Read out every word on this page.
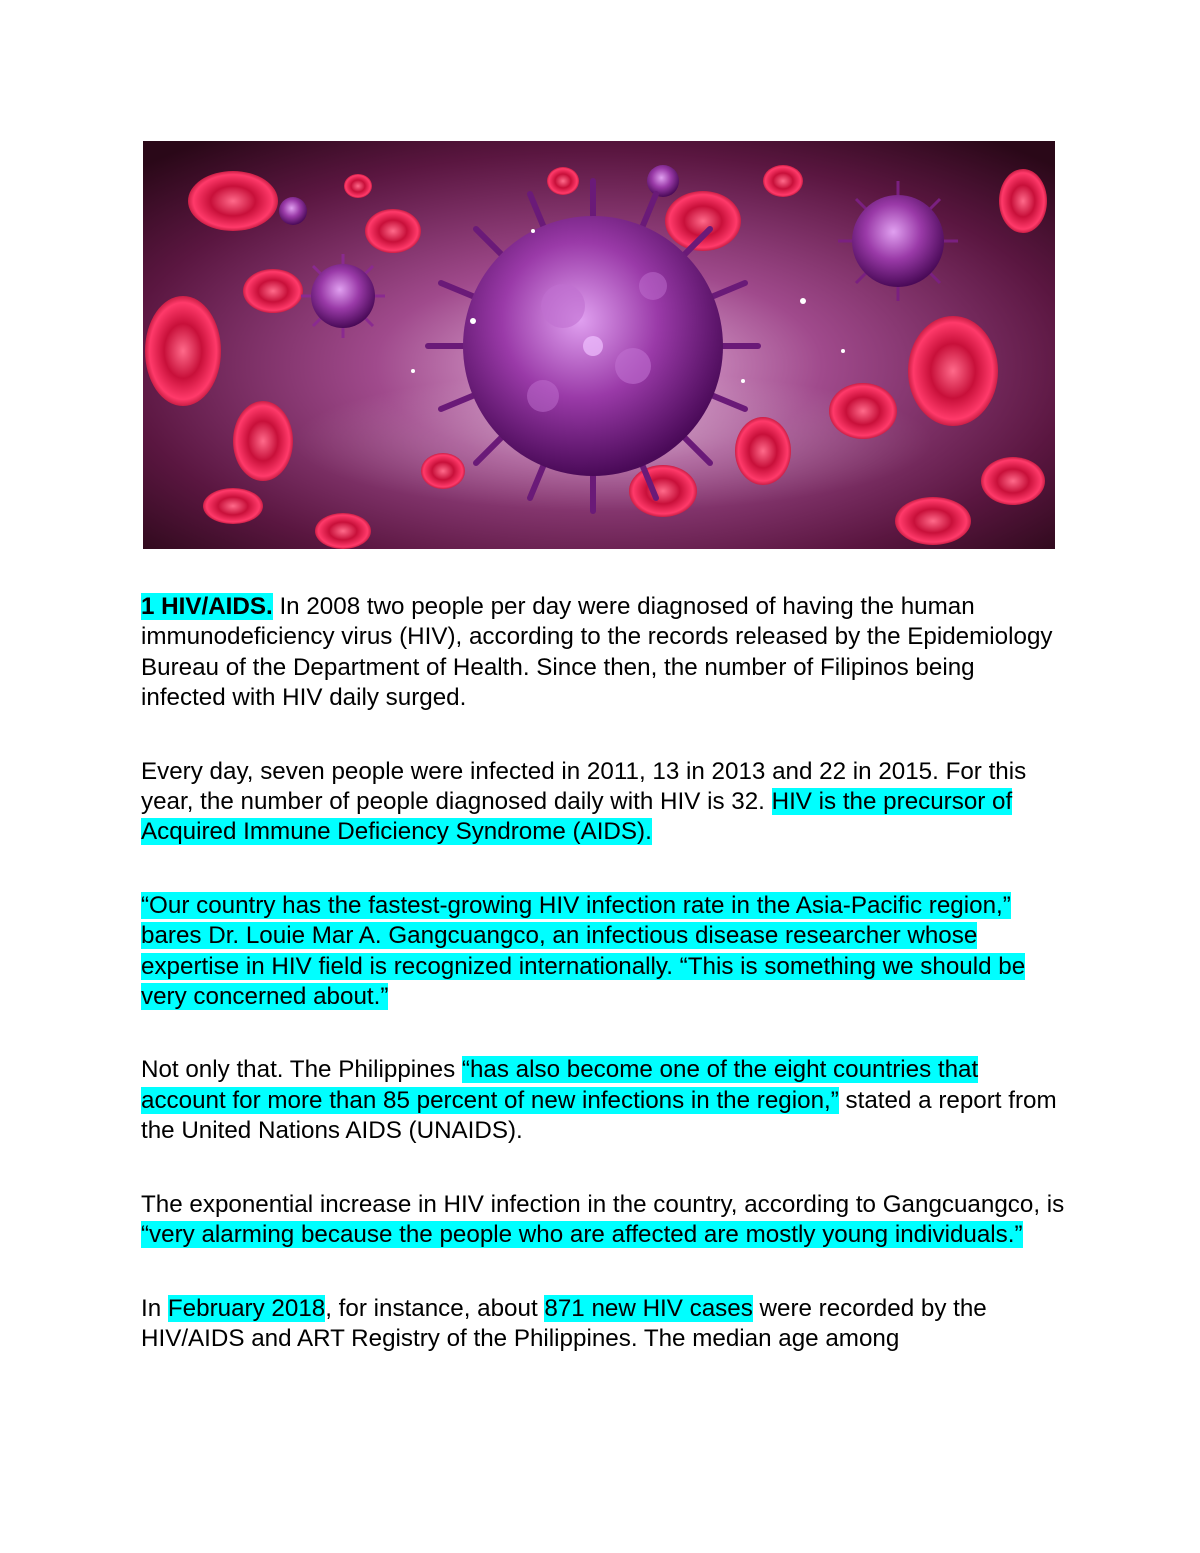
1 HIV/AIDS. In 2008 two people per day were diagnosed of having the human immunodeficiency virus (HIV), according to the records released by the Epidemiology Bureau of the Department of Health. Since then, the number of Filipinos being infected with HIV daily surged.

Every day, seven people were infected in 2011, 13 in 2013 and 22 in 2015. For this year, the number of people diagnosed daily with HIV is 32. HIV is the precursor of Acquired Immune Deficiency Syndrome (AIDS).

“Our country has the fastest-growing HIV infection rate in the Asia-Pacific region,” bares Dr. Louie Mar A. Gangcuangco, an infectious disease researcher whose expertise in HIV field is recognized internationally. “This is something we should be very concerned about.”

Not only that. The Philippines “has also become one of the eight countries that account for more than 85 percent of new infections in the region,” stated a report from the United Nations AIDS (UNAIDS).

The exponential increase in HIV infection in the country, according to Gangcuangco, is “very alarming because the people who are affected are mostly young individuals.”

In February 2018, for instance, about 871 new HIV cases were recorded by the HIV/AIDS and ART Registry of the Philippines. The median age among
